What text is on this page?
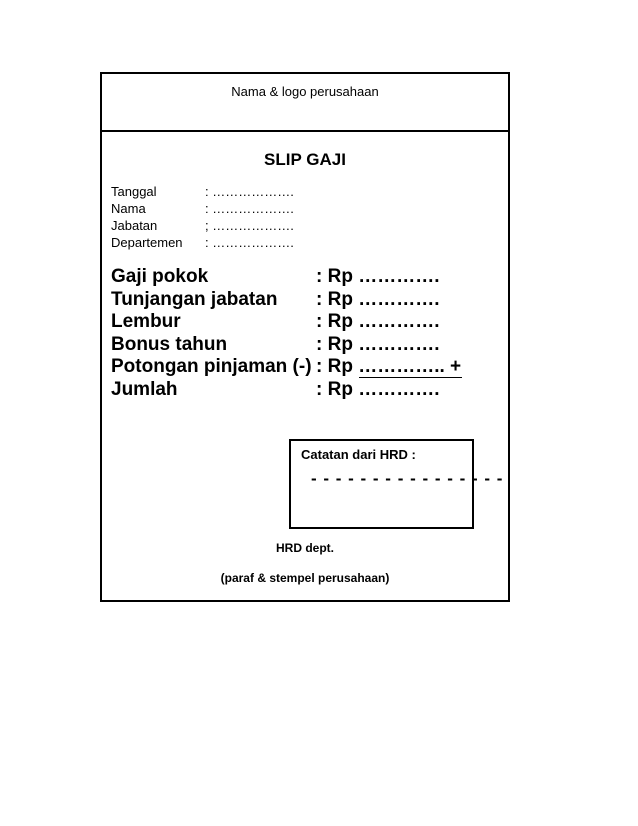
Nama & logo perusahaan
SLIP GAJI
Tanggal	: ……………….
Nama	: ……………….
Jabatan	; ……………….
Departemen : ……………….
Gaji pokok	: Rp ………….
Tunjangan jabatan : Rp ………….
Lembur	: Rp ………….
Bonus tahun	: Rp ………….
Potongan pinjaman (-) : Rp ………….. +
Jumlah	: Rp ………….
Catatan dari HRD :
- - - - - - - - - - - - - - - -
HRD dept.
(paraf & stempel perusahaan)
